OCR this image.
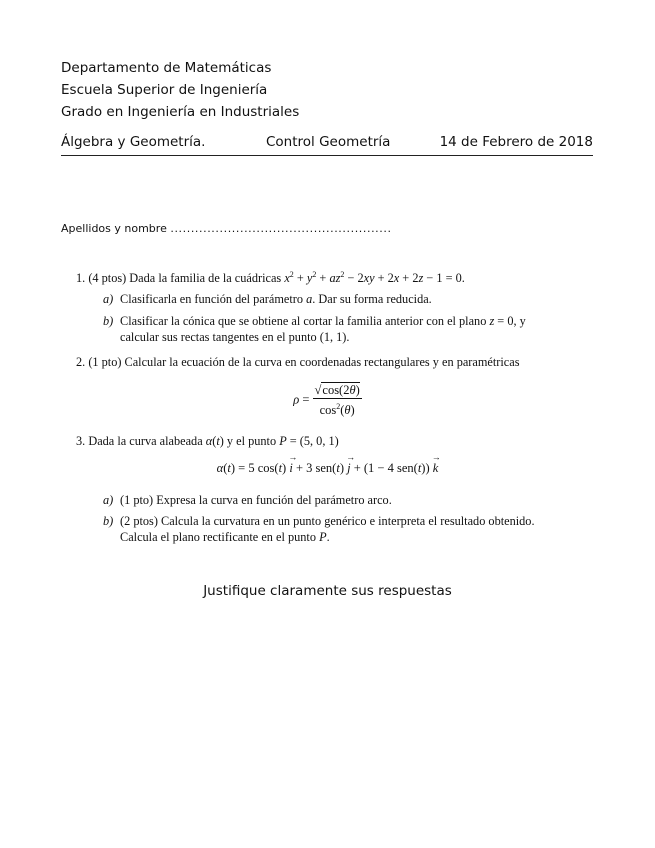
Departamento de Matemáticas
Escuela Superior de Ingeniería
Grado en Ingeniería en Industriales
Álgebra y Geometría.	Control Geometría	14 de Febrero de 2018
Apellidos y nombre ......................................................
1. (4 ptos) Dada la familia de la cuádricas $x^2 + y^2 + az^2 - 2xy + 2x + 2z - 1 = 0$.
a) Clasificarla en función del parámetro a. Dar su forma reducida.
b) Clasificar la cónica que se obtiene al cortar la familia anterior con el plano z = 0, y
calcular sus rectas tangentes en el punto (1, 1).
2. (1 pto) Calcular la ecuación de la curva en coordenadas rectangulares y en paramétricas
$\rho = \frac{√\cos(2\theta)}{\cos^2(\theta)}$
3. Dada la curva alabeada α(t) y el punto P = (5, 0, 1)
α(t) = 5 cos(t) → i + 3 sen(t) → j + (1 − 4 sen(t)) → k
a) (1 pto) Expresa la curva en función del parámetro arco.
b) (2 ptos) Calcula la curvatura en un punto genérico e interpreta el resultado obtenido.
Calcula el plano rectificante en el punto P.
Justifique claramente sus respuestas
